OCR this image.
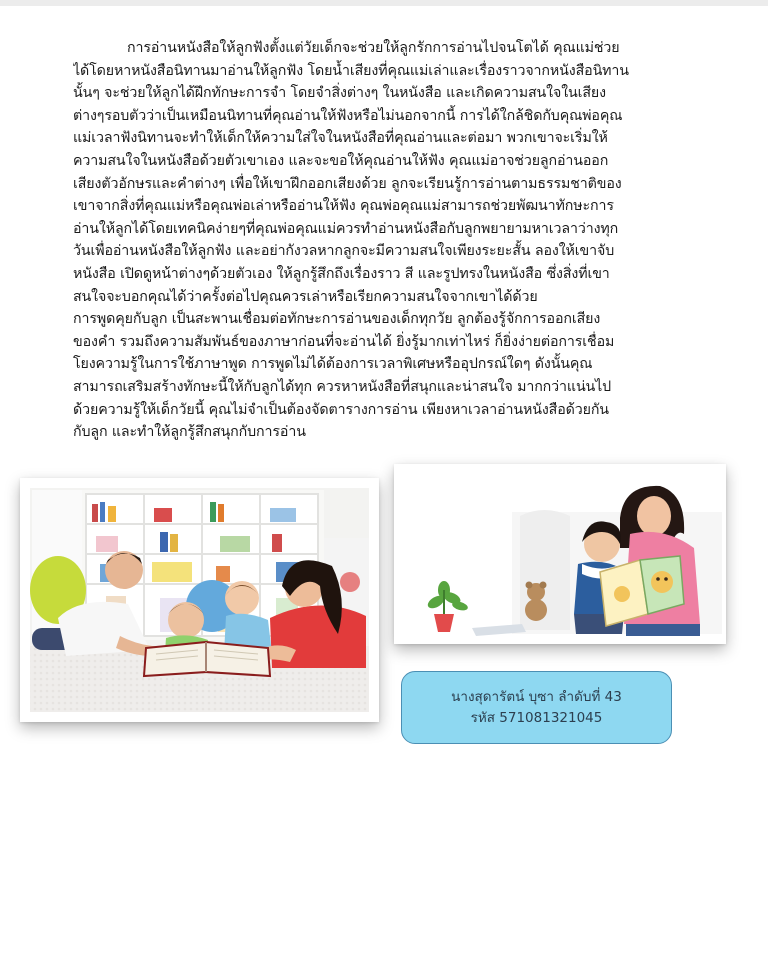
การอ่านหนังสือให้ลูกฟังตั้งแต่วัยเด็กจะช่วยให้ลูกรักการอ่านไปจนโตได้ คุณแม่ช่วย
ได้โดยหาหนังสือนิทานมาอ่านให้ลูกฟัง โดยน้ำเสียงที่คุณแม่เล่าและเรื่องราวจากหนังสือนิทาน
นั้นๆ จะช่วยให้ลูกได้ฝึกทักษะการจำ โดยจำสิ่งต่างๆ ในหนังสือ และเกิดความสนใจในเสียง
ต่างๆรอบตัวว่าเป็นเหมือนนิทานที่คุณอ่านให้ฟังหรือไม่นอกจากนี้ การได้ใกล้ชิดกับคุณพ่อคุณ
แม่เวลาฟังนิทานจะทำให้เด็กให้ความใส่ใจในหนังสือที่คุณอ่านและต่อมา พวกเขาจะเริ่มให้
ความสนใจในหนังสือด้วยตัวเขาเอง และจะขอให้คุณอ่านให้ฟัง คุณแม่อาจช่วยลูกอ่านออก
เสียงตัวอักษรและคำต่างๆ เพื่อให้เขาฝึกออกเสียงด้วย ลูกจะเรียนรู้การอ่านตามธรรมชาติของ
เขาจากสิ่งที่คุณแม่หรือคุณพ่อเล่าหรืออ่านให้ฟัง คุณพ่อคุณแม่สามารถช่วยพัฒนาทักษะการ
อ่านให้ลูกได้โดยเทคนิคง่ายๆที่คุณพ่อคุณแม่ควรทำอ่านหนังสือกับลูกพยายามหาเวลาว่างทุก
วันเพื่ออ่านหนังสือให้ลูกฟัง และอย่ากังวลหากลูกจะมีความสนใจเพียงระยะสั้น ลองให้เขาจับ
หนังสือ เปิดดูหน้าต่างๆด้วยตัวเอง ให้ลูกรู้สึกถึงเรื่องราว สี และรูปทรงในหนังสือ ซึ่งสิ่งที่เขา
สนใจจะบอกคุณได้ว่าครั้งต่อไปคุณควรเล่าหรือเรียกความสนใจจากเขาได้ด้วย
การพูดคุยกับลูก เป็นสะพานเชื่อมต่อทักษะการอ่านของเด็กทุกวัย ลูกต้องรู้จักการออกเสียง
ของคำ รวมถึงความสัมพันธ์ของภาษาก่อนที่จะอ่านได้ ยิ่งรู้มากเท่าไหร่ ก็ยิ่งง่ายต่อการเชื่อม
โยงความรู้ในการใช้ภาษาพูด การพูดไม่ได้ต้องการเวลาพิเศษหรืออุปกรณ์ใดๆ ดังนั้นคุณ
สามารถเสริมสร้างทักษะนี้ให้กับลูกได้ทุก ควรหาหนังสือที่สนุกและน่าสนใจ มากกว่าแน่นไป
ด้วยความรู้ให้เด็กวัยนี้ คุณไม่จำเป็นต้องจัดตารางการอ่าน เพียงหาเวลาอ่านหนังสือด้วยกัน
กับลูก และทำให้ลูกรู้สึกสนุกกับการอ่าน
นางสุดารัตน์ บุซา ลำดับที่ 43
รหัส 571081321045
